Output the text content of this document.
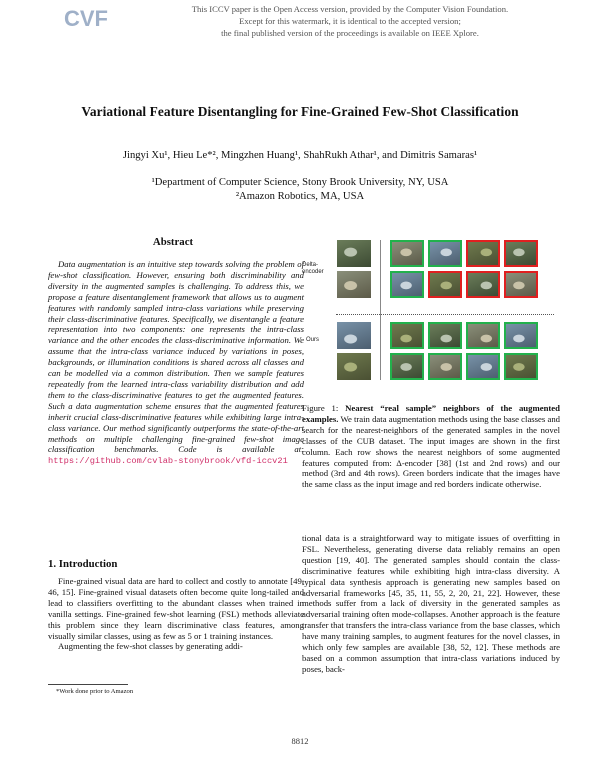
CVF	This ICCV paper is the Open Access version, provided by the Computer Vision Foundation.
Except for this watermark, it is identical to the accepted version;
the final published version of the proceedings is available on IEEE Xplore.
Variational Feature Disentangling for Fine-Grained Few-Shot Classification
Jingyi Xu¹, Hieu Le*², Mingzhen Huang¹, ShahRukh Athar¹, and Dimitris Samaras¹
¹Department of Computer Science, Stony Brook University, NY, USA
²Amazon Robotics, MA, USA
Abstract

Data augmentation is an intuitive step towards solving the problem of few-shot classification. However, ensuring both discriminability and diversity in the augmented samples is challenging. To address this, we propose a feature disentanglement framework that allows us to augment features with randomly sampled intra-class variations while preserving their class-discriminative features. Specifically, we disentangle a feature representation into two components: one represents the intra-class variance and the other encodes the class-discriminative information. We assume that the intra-class variance induced by variations in poses, backgrounds, or illumination conditions is shared across all classes and can be modelled via a common distribution. Then we sample features repeatedly from the learned intra-class variability distribution and add them to the class-discriminative features to get the augmented features. Such a data augmentation scheme ensures that the augmented features inherit crucial class-discriminative features while exhibiting large intra-class variance. Our method significantly outperforms the state-of-the-art methods on multiple challenging fine-grained few-shot image classification benchmarks. Code is available at: https://github.com/cvlab-stonybrook/vfd-iccv21

1. Introduction

Fine-grained visual data are hard to collect and costly to annotate [49, 46, 15]. Fine-grained visual datasets often become quite long-tailed and lead to classifiers overfitting to the abundant classes when trained in vanilla settings. Fine-grained few-shot learning (FSL) methods alleviate this problem since they learn discriminative class features, among visually similar classes, using as few as 5 or 1 training instances.

Augmenting the few-shot classes by generating addi-

*Work done prior to Amazon
Delta-encoder
Ours

Figure 1: Nearest “real sample” neighbors of the augmented examples. We train data augmentation methods using the base classes and search for the nearest-neighbors of the generated samples in the novel classes of the CUB dataset. The input images are shown in the first column. Each row shows the nearest neighbors of some augmented features computed from: Δ-encoder [38] (1st and 2nd rows) and our method (3rd and 4th rows). Green borders indicate that the images have the same class as the input image and red borders indicate otherwise.

tional data is a straightforward way to mitigate issues of overfitting in FSL. Nevertheless, generating diverse data reliably remains an open question [19, 40]. The generated samples should contain the class-discriminative features while exhibiting high intra-class diversity. A typical data synthesis approach is generating new samples based on adversarial frameworks [45, 35, 11, 55, 2, 20, 21, 22]. However, these methods suffer from a lack of diversity in the generated samples as adversarial training often mode-collapses. Another approach is the feature transfer that transfers the intra-class variance from the base classes, which have many training samples, to augment features for the novel classes, in which only few samples are available [38, 52, 12]. These methods are based on a common assumption that intra-class variations induced by poses, back-

8812
